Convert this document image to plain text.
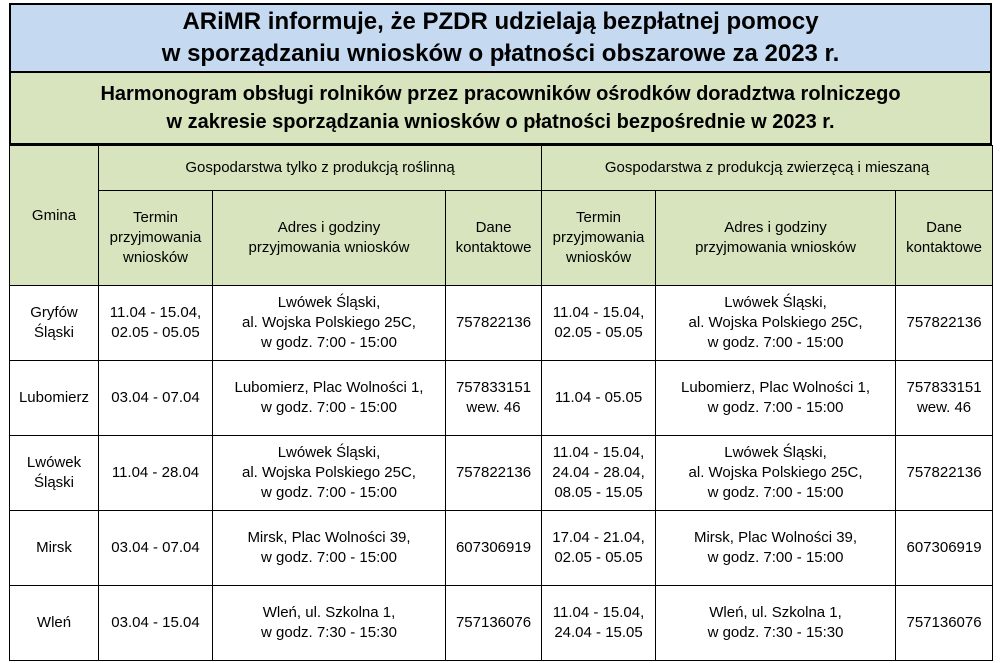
ARiMR informuje, że PZDR udzielają bezpłatnej pomocy
w sporządzaniu wniosków o płatności obszarowe za 2023 r.
Harmonogram obsługi rolników przez pracowników ośrodków doradztwa rolniczego
w zakresie sporządzania wniosków o płatności bezpośrednie w 2023 r.
Gmina	Gospodarstwa tylko z produkcją roślinną			Gospodarstwa z produkcją zwierzęcą i mieszaną		

	Termin
przyjmowania
wniosków	Adres i godziny
przyjmowania wniosków	Dane
kontaktowe	Termin
przyjmowania
wniosków	Adres i godziny
przyjmowania wniosków	Dane
kontaktowe

Gryfów
Śląski	11.04 - 15.04,
02.05 - 05.05	Lwówek Śląski,
al. Wojska Polskiego 25C,
w godz. 7:00 - 15:00	757822136	11.04 - 15.04,
02.05 - 05.05	Lwówek Śląski,
al. Wojska Polskiego 25C,
w godz. 7:00 - 15:00	757822136

Lubomierz	03.04 - 07.04	Lubomierz, Plac Wolności 1,
w godz. 7:00 - 15:00	757833151
wew. 46	11.04 - 05.05	Lubomierz, Plac Wolności 1,
w godz. 7:00 - 15:00	757833151
wew. 46

Lwówek
Śląski	11.04 - 28.04	Lwówek Śląski,
al. Wojska Polskiego 25C,
w godz. 7:00 - 15:00	757822136	11.04 - 15.04,
24.04 - 28.04,
08.05 - 15.05	Lwówek Śląski,
al. Wojska Polskiego 25C,
w godz. 7:00 - 15:00	757822136

Mirsk	03.04 - 07.04	Mirsk, Plac Wolności 39,
w godz. 7:00 - 15:00	607306919	17.04 - 21.04,
02.05 - 05.05	Mirsk, Plac Wolności 39,
w godz. 7:00 - 15:00	607306919

Wleń	03.04 - 15.04	Wleń, ul. Szkolna 1,
w godz. 7:30 - 15:30	757136076	11.04 - 15.04,
24.04 - 15.05	Wleń, ul. Szkolna 1,
w godz. 7:30 - 15:30	757136076
